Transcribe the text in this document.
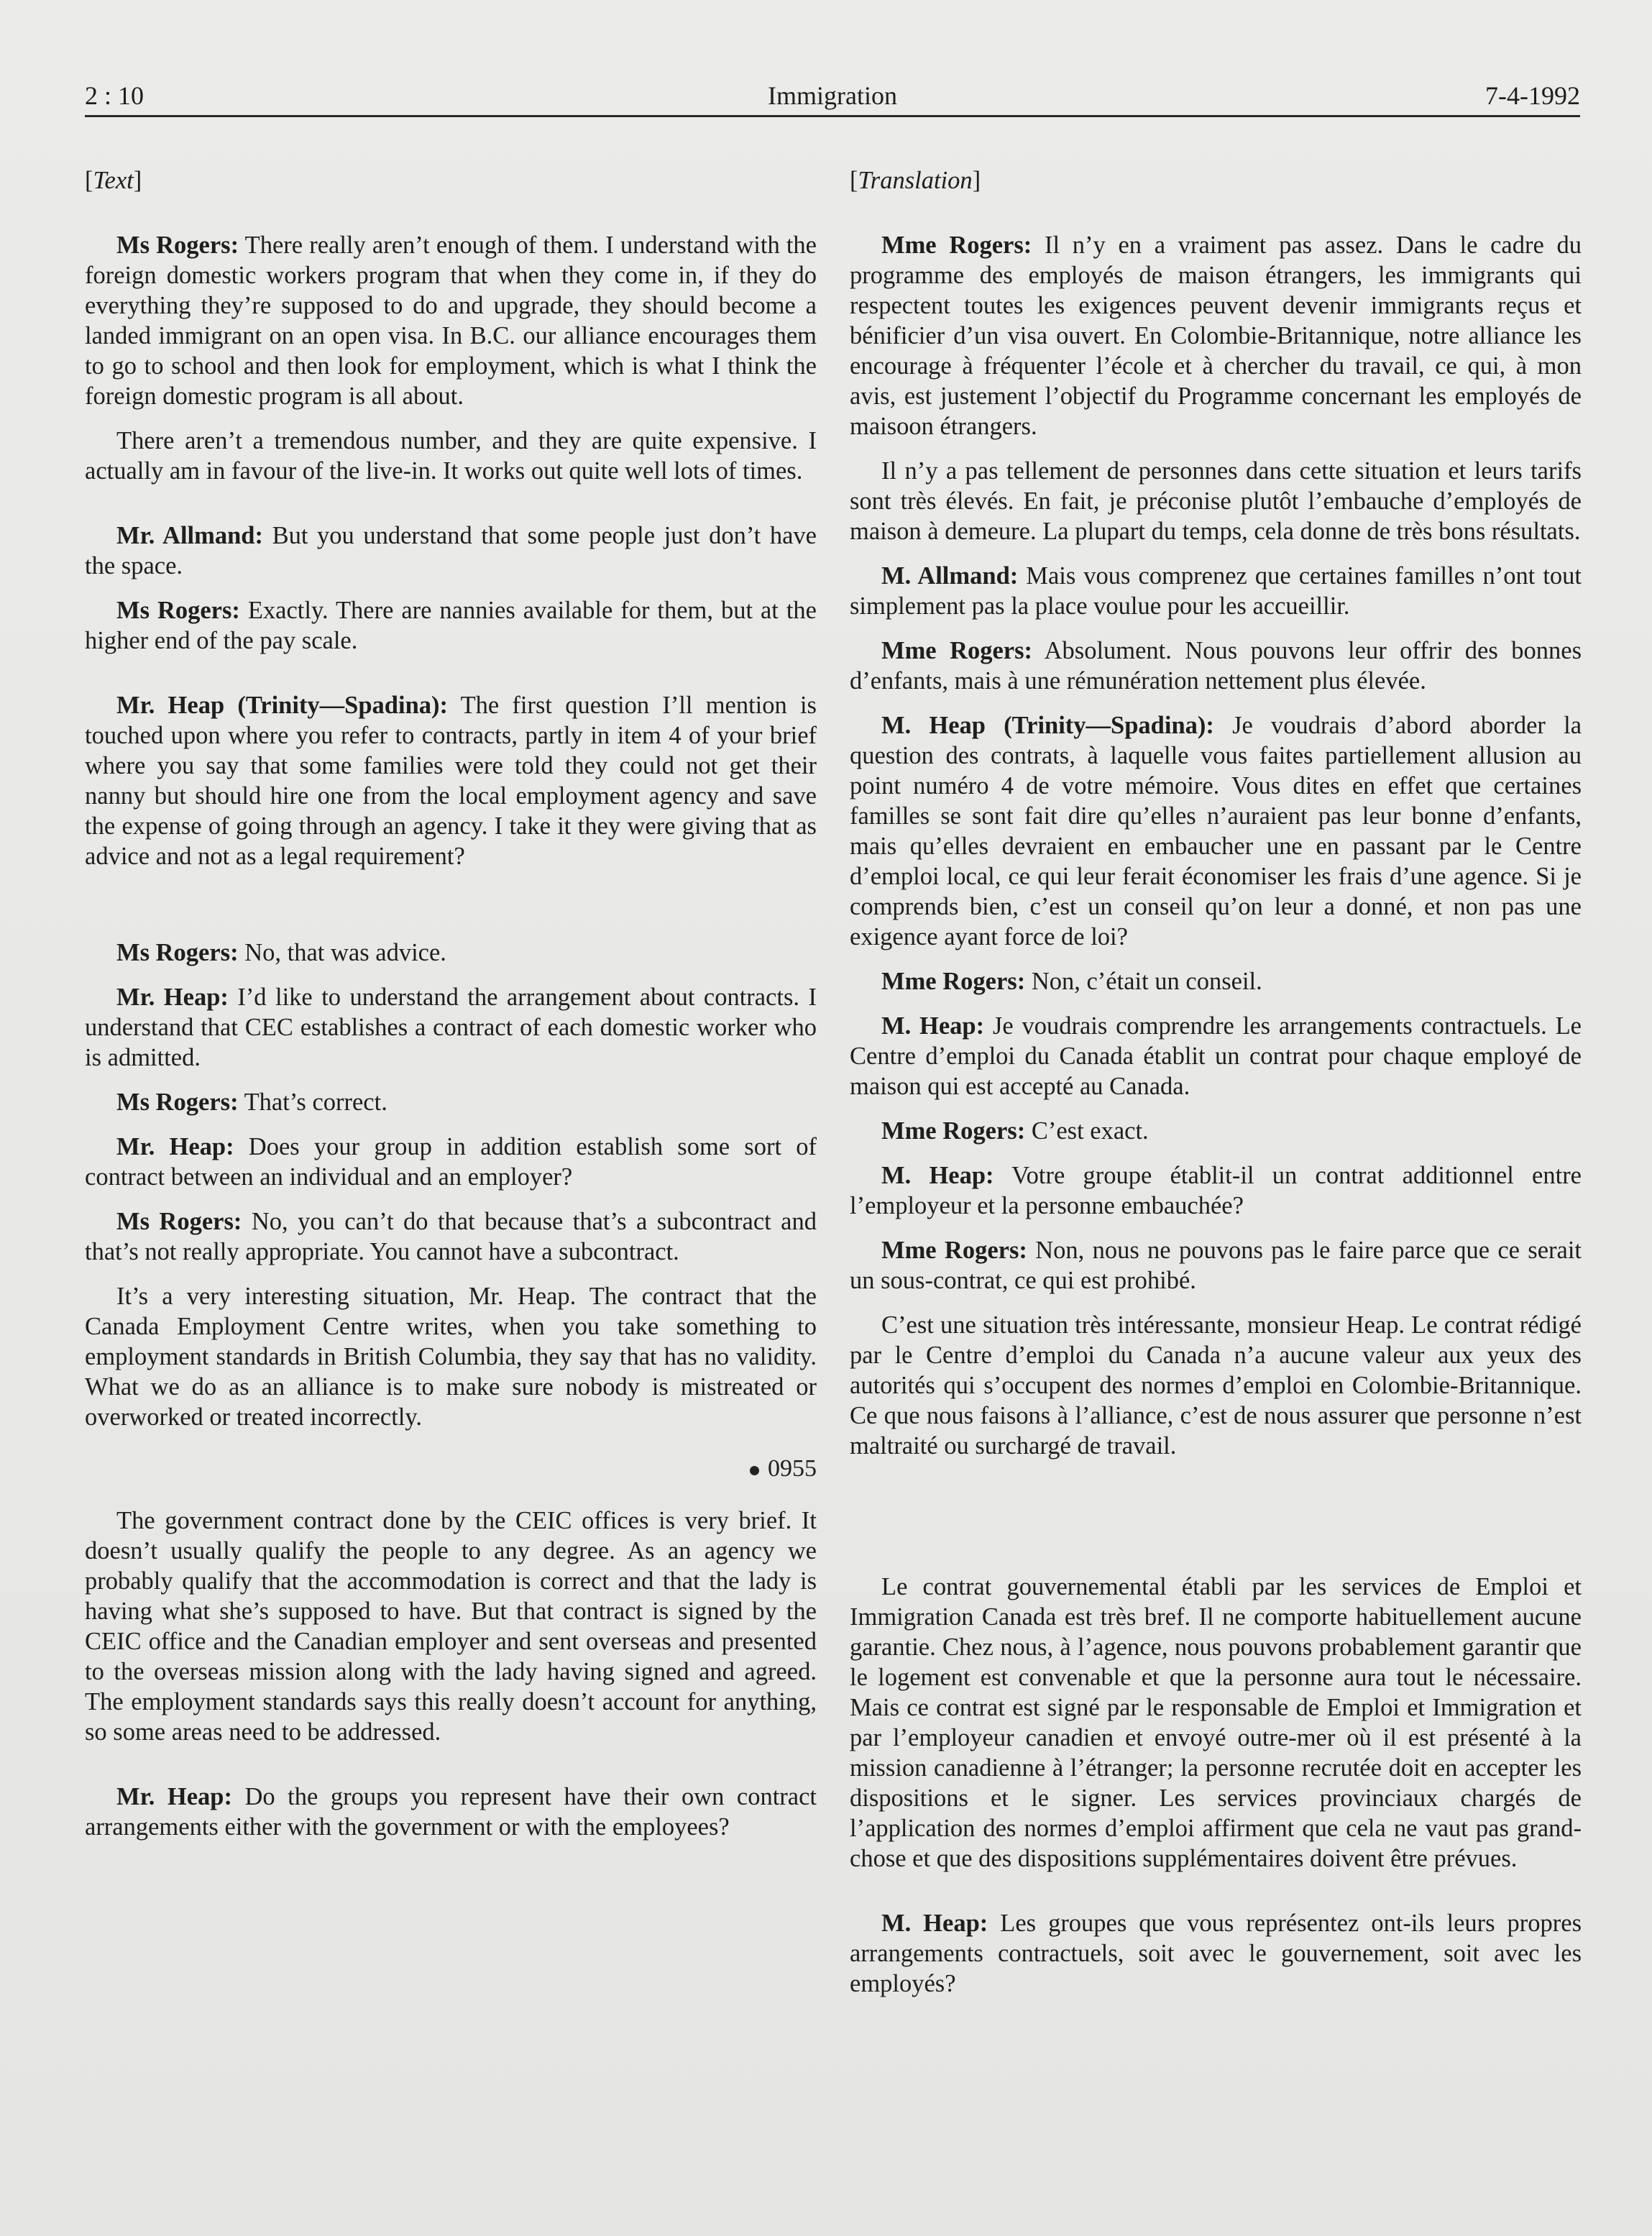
2 : 10	Immigration	7-4-1992
[ Text ]

Ms Rogers: There really aren’t enough of them. I understand with the foreign domestic workers program that when they come in, if they do everything they’re supposed to do and upgrade, they should become a landed immigrant on an open visa. In B.C. our alliance encourages them to go to school and then look for employment, which is what I think the foreign domestic program is all about.

There aren’t a tremendous number, and they are quite expensive. I actually am in favour of the live-in. It works out quite well lots of times.

Mr. Allmand: But you understand that some people just don’t have the space.

Ms Rogers: Exactly. There are nannies available for them, but at the higher end of the pay scale.

Mr. Heap (Trinity—Spadina): The first question I’ll mention is touched upon where you refer to contracts, partly in item 4 of your brief where you say that some families were told they could not get their nanny but should hire one from the local employment agency and save the expense of going through an agency. I take it they were giving that as advice and not as a legal requirement?

Ms Rogers: No, that was advice.

Mr. Heap: I’d like to understand the arrangement about contracts. I understand that CEC establishes a contract of each domestic worker who is admitted.

Ms Rogers: That’s correct.

Mr. Heap: Does your group in addition establish some sort of contract between an individual and an employer?

Ms Rogers: No, you can’t do that because that’s a subcontract and that’s not really appropriate. You cannot have a subcontract.

It’s a very interesting situation, Mr. Heap. The contract that the Canada Employment Centre writes, when you take something to employment standards in British Columbia, they say that has no validity. What we do as an alliance is to make sure nobody is mistreated or overworked or treated incorrectly.

0955

The government contract done by the CEIC offices is very brief. It doesn’t usually qualify the people to any degree. As an agency we probably qualify that the accommodation is correct and that the lady is having what she’s supposed to have. But that contract is signed by the CEIC office and the Canadian employer and sent overseas and presented to the overseas mission along with the lady having signed and agreed. The employment standards says this really doesn’t account for anything, so some areas need to be addressed.

Mr. Heap: Do the groups you represent have their own contract arrangements either with the government or with the employees?

[ Translation ]

Mme Rogers: Il n’y en a vraiment pas assez. Dans le cadre du programme des employés de maison étrangers, les immigrants qui respectent toutes les exigences peuvent devenir immigrants reçus et bénificier d’un visa ouvert. En Colombie-Britannique, notre alliance les encourage à fréquenter l’école et à chercher du travail, ce qui, à mon avis, est justement l’objectif du Programme concernant les employés de maisoon étrangers.

Il n’y a pas tellement de personnes dans cette situation et leurs tarifs sont très élevés. En fait, je préconise plutôt l’embauche d’employés de maison à demeure. La plupart du temps, cela donne de très bons résultats.

M. Allmand: Mais vous comprenez que certaines familles n’ont tout simplement pas la place voulue pour les accueillir.

Mme Rogers: Absolument. Nous pouvons leur offrir des bonnes d’enfants, mais à une rémunération nettement plus élevée.

M. Heap (Trinity—Spadina): Je voudrais d’abord aborder la question des contrats, à laquelle vous faites partiellement allusion au point numéro 4 de votre mémoire. Vous dites en effet que certaines familles se sont fait dire qu’elles n’auraient pas leur bonne d’enfants, mais qu’elles devraient en embaucher une en passant par le Centre d’emploi local, ce qui leur ferait économiser les frais d’une agence. Si je comprends bien, c’est un conseil qu’on leur a donné, et non pas une exigence ayant force de loi?

Mme Rogers: Non, c’était un conseil.

M. Heap: Je voudrais comprendre les arrangements contractuels. Le Centre d’emploi du Canada établit un contrat pour chaque employé de maison qui est accepté au Canada.

Mme Rogers: C’est exact.

M. Heap: Votre groupe établit-il un contrat additionnel entre l’employeur et la personne embauchée?

Mme Rogers: Non, nous ne pouvons pas le faire parce que ce serait un sous-contrat, ce qui est prohibé.

C’est une situation très intéressante, monsieur Heap. Le contrat rédigé par le Centre d’emploi du Canada n’a aucune valeur aux yeux des autorités qui s’occupent des normes d’emploi en Colombie-Britannique. Ce que nous faisons à l’alliance, c’est de nous assurer que personne n’est maltraité ou surchargé de travail.

Le contrat gouvernemental établi par les services de Emploi et Immigration Canada est très bref. Il ne comporte habituellement aucune garantie. Chez nous, à l’agence, nous pouvons probablement garantir que le logement est convenable et que la personne aura tout le nécessaire. Mais ce contrat est signé par le responsable de Emploi et Immigration et par l’employeur canadien et envoyé outre-mer où il est présenté à la mission canadienne à l’étranger; la personne recrutée doit en accepter les dispositions et le signer. Les services provinciaux chargés de l’application des normes d’emploi affirment que cela ne vaut pas grand-chose et que des dispositions supplémentaires doivent être prévues.

M. Heap: Les groupes que vous représentez ont-ils leurs propres arrangements contractuels, soit avec le gouvernement, soit avec les employés?
